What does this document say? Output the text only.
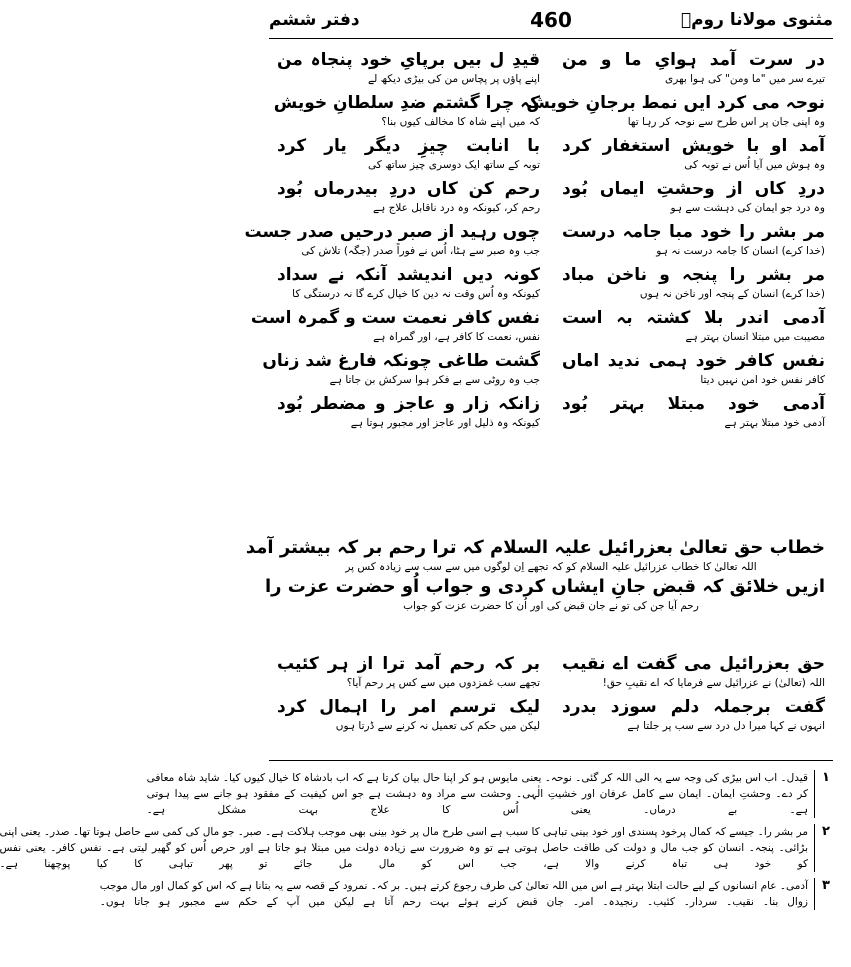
مثنوی مولانا رومؒ
460
دفتر ششم
در سرت آمد ہوایِ ما و من
تیرے سر میں "ما ومن" کی ہوا بھری
قیدِ ل بیں برپایِ خود پنجاہ من
اپنے پاؤں پر پچاس من کی بیڑی دیکھ لے
نوحہ می کرد ایں نمط برجانِ خویش
وہ اپنی جان پر اس طرح سے نوحہ کر رہا تھا
کہ چرا گشتم ضدِ سلطانِ خویش
کہ میں اپنے شاہ کا مخالف کیوں بنا؟
آمد او با خویش استغفار کرد
وہ ہوش میں آیا اُس نے توبہ کی
با انابت چیزِ دیگر یار کرد
توبہ کے ساتھ ایک دوسری چیز ساتھ کی
دردِ کاں از وحشتِ ایماں بُود
وہ درد جو ایمان کی دہشت سے ہو
رحم کن کاں دردِ بیدرماں بُود
رحم کر، کیونکہ وہ درد ناقابل علاج ہے
مر بشر را خود مبا جامہ درست
(خدا کرے) انسان کا جامہ درست نہ ہو
چوں رہید از صبر درحیں صدر جست
جب وہ صبر سے ہٹا، اُس نے فوراً صدر (جگہ) تلاش کی
مر بشر را پنجہ و ناخن مباد
(خدا کرے) انسان کے پنجہ اور ناخن نہ ہوں
کونہ دیں اندیشد آنکہ نے سداد
کیونکہ وہ اُس وقت نہ دین کا خیال کرے گا نہ درستگی کا
آدمی اندر بلا کشتہ بہ است
مصیبت میں مبتلا انسان بہتر ہے
نفس کافر نعمت ست و گمرہ است
نفس، نعمت کا کافر ہے، اور گمراہ ہے
نفس کافر خود ہمی ندید اماں
کافر نفس خود امن نہیں دیتا
گشت طاغی چونکہ فارغ شد زناں
جب وہ روٹی سے بے فکر ہوا سرکش بن جاتا ہے
آدمی خود مبتلا بہتر بُود
آدمی خود مبتلا بہتر ہے
زانکہ زار و عاجز و مضطر بُود
کیونکہ وہ ذلیل اور عاجز اور مجبور ہوتا ہے
خطاب حق تعالیٰ بعزرائیل علیہ السلام کہ ترا رحم بر کہ بیشتر آمد
اللہ تعالیٰ کا خطاب عزرائیل علیہ السلام کو کہ تجھے اِن لوگوں میں سے سب سے زیادہ کس پر
ازیں خلائق کہ قبض جانِ ایشاں کردی و جواب اُو حضرت عزت را
رحم آیا جن کی تو نے جان قبض کی اور اُن کا حضرت عزت کو جواب
حق بعزرائیل می گفت اے نقیب
اللہ (تعالیٰ) نے عزرائیل سے فرمایا کہ اے نقیبِ حق!
بر کہ رحم آمد ترا از ہر کئیب
تجھے سب غمزدوں میں سے کس پر رحم آیا؟
گفت برجملہ دلم سوزد بدرد
انہوں نے کہا میرا دل درد سے سب پر جلتا ہے
لیک ترسم امر را اہمال کرد
لیکن میں حکم کی تعمیل نہ کرنے سے ڈرتا ہوں
۱
قیدل۔ اب اس بیڑی کی وجہ سے یہ الی اللہ کر گئی۔ نوحہ۔ یعنی مایوس ہو کر اپنا حال بیان کرتا ہے کہ اب بادشاہ کا خیال کیوں کیا۔ شاید شاہ معافی
کر دے۔ وحشتِ ایمان۔ ایمان سے کامل عرفان اور خشیتِ الٰہی۔ وحشت سے مراد وہ دہشت ہے جو اس کیفیت کے مفقود ہو جانے سے پیدا ہوتی
ہے۔ بے درماں۔ یعنی اُس کا علاج بہت مشکل ہے۔
۲
مر بشر را۔ جیسے کہ کمال پرخود پسندی اور خود بینی تباہی کا سبب ہے اسی طرح مال پر خود بینی بھی موجب ہلاکت ہے۔ صبر۔ جو مال کی کمی سے حاصل ہوتا تھا۔ صدر۔ یعنی اپنی
بڑائی۔ پنجہ۔ انسان کو جب مال و دولت کی طاقت حاصل ہوتی ہے تو وہ ضرورت سے زیادہ دولت میں مبتلا ہو جاتا ہے اور حرص اُس کو گھیر لیتی ہے۔ نفس کافر۔ یعنی نفس
کو خود ہی تباہ کرنے والا ہے، جب اس کو مال مل جائے تو پھر تباہی کا کیا پوچھنا ہے۔
۳
آدمی۔ عام انسانوں کے لیے حالت ابتلا بہتر ہے اس میں اللہ تعالیٰ کی طرف رجوع کرتے ہیں۔ بر کہ۔ نمرود کے قصہ سے یہ بتانا ہے کہ اس کو کمال اور مال موجب
زوال بنا۔ نقیب۔ سردار۔ کئیب۔ رنجیدہ۔ امر۔ جان قبض کرنے ہوئے بہت رحم آتا ہے لیکن میں آپ کے حکم سے مجبور ہو جاتا ہوں۔
